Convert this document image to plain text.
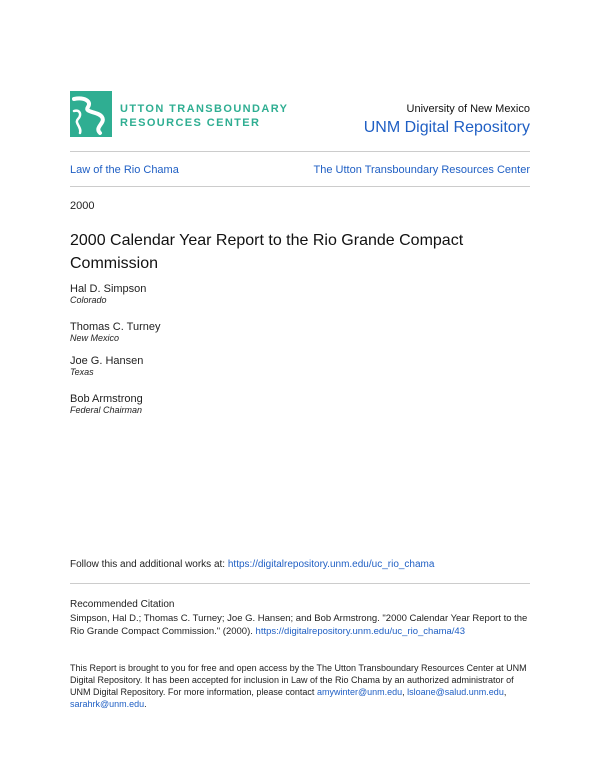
UTTON TRANSBOUNDARY
RESOURCES CENTER
University of New Mexico
UNM Digital Repository
Law of the Rio Chama	The Utton Transboundary Resources Center
2000
2000 Calendar Year Report to the Rio Grande Compact Commission
Hal D. Simpson
Colorado
Thomas C. Turney
New Mexico
Joe G. Hansen
Texas
Bob Armstrong
Federal Chairman
Follow this and additional works at: https://digitalrepository.unm.edu/uc_rio_chama
Recommended Citation
Simpson, Hal D.; Thomas C. Turney; Joe G. Hansen; and Bob Armstrong. "2000 Calendar Year Report to the Rio Grande Compact Commission." (2000). https://digitalrepository.unm.edu/uc_rio_chama/43
This Report is brought to you for free and open access by the The Utton Transboundary Resources Center at UNM Digital Repository. It has been accepted for inclusion in Law of the Rio Chama by an authorized administrator of UNM Digital Repository. For more information, please contact amywinter@unm.edu, lsloane@salud.unm.edu, sarahrk@unm.edu.
